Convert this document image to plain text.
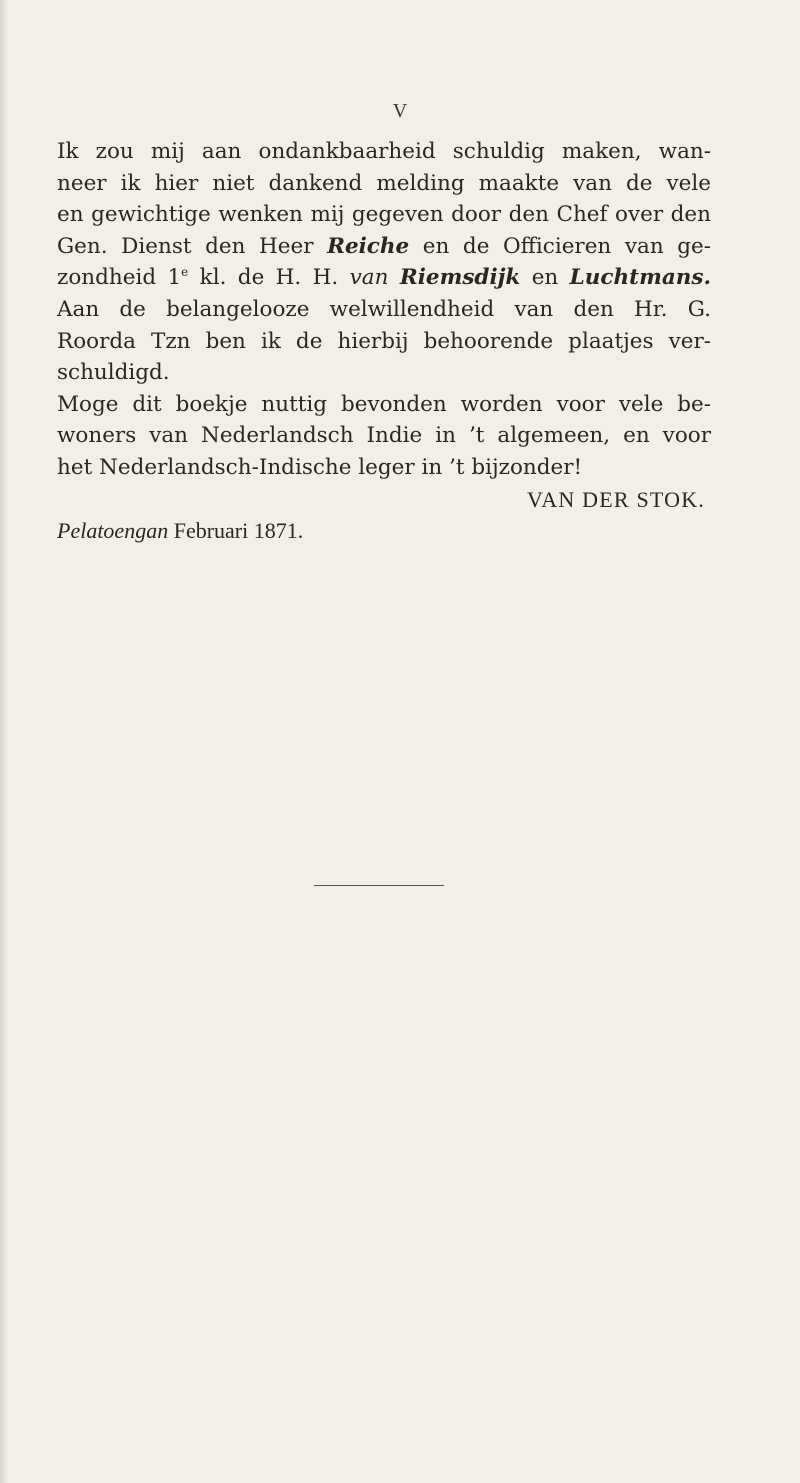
V
Ik zou mij aan ondankbaarheid schuldig maken, wan-
neer ik hier niet dankend melding maakte van de vele
en gewichtige wenken mij gegeven door den Chef over den
Gen. Dienst den Heer Reiche en de Officieren van ge-
zondheid 1e kl. de H. H. van Riemsdijk en Luchtmans.
Aan de belangelooze welwillendheid van den Hr. G.
Roorda Tzn ben ik de hierbij behoorende plaatjes ver-
schuldigd.
Moge dit boekje nuttig bevonden worden voor vele be-
woners van Nederlandsch Indie in ’t algemeen, en voor
het Nederlandsch-Indische leger in ’t bijzonder!
VAN DER STOK.
Pelatoengan Februari 1871.
